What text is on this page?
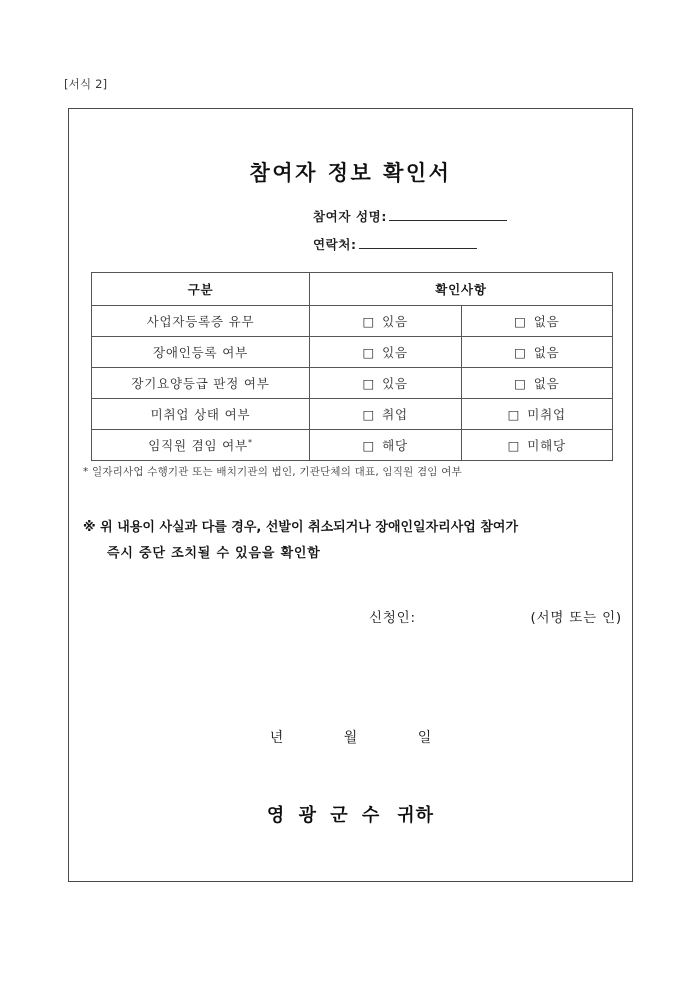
[서식 2]
참여자 정보 확인서
참여자 성명:
연락처:
구분	확인사항	
사업자등록증 유무	□ 있음	□ 없음
장애인등록 여부	□ 있음	□ 없음
장기요양등급 판정 여부	□ 있음	□ 없음
미취업 상태 여부	□ 취업	□ 미취업
임직원 겸임 여부*	□ 해당	□ 미해당
* 일자리사업 수행기관 또는 배치기관의 법인, 기관단체의 대표, 임직원 겸임 여부
※ 위 내용이 사실과 다를 경우, 선발이 취소되거나 장애인일자리사업 참여가
즉시 중단 조치될 수 있음을 확인함
신청인:	(서명 또는 인)
년	월	일
영 광 군 수 귀하
